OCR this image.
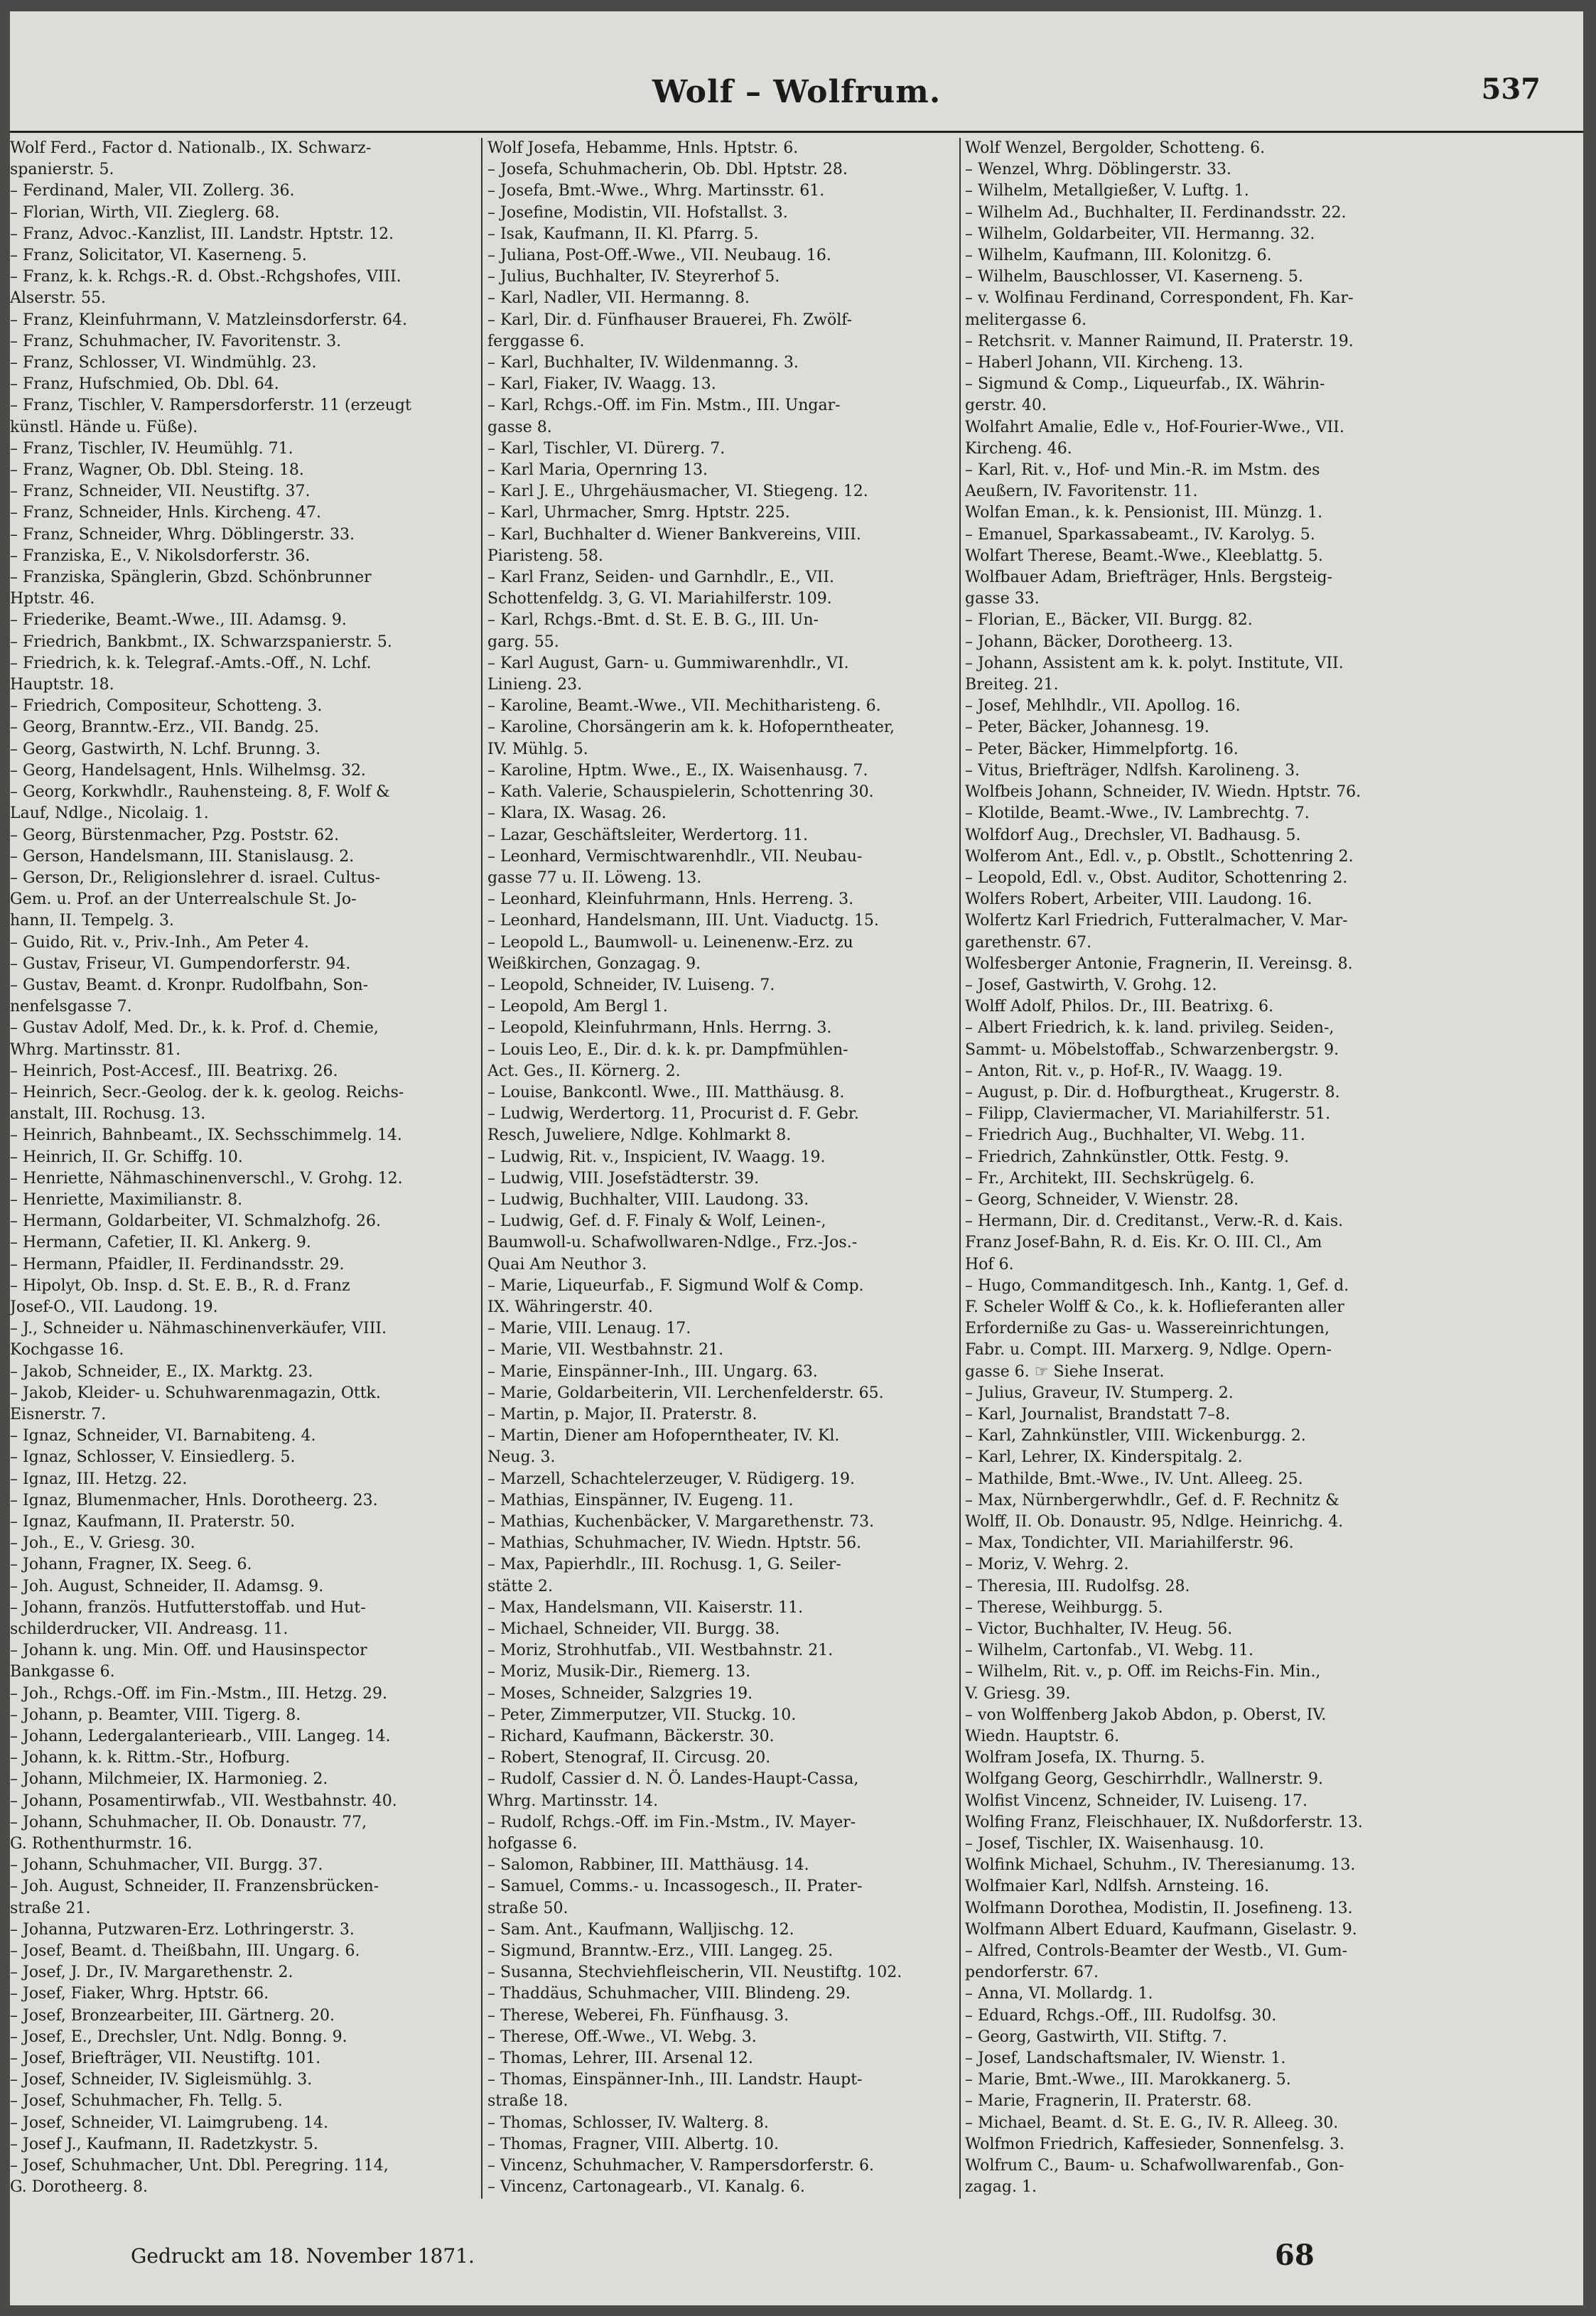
Wolf – Wolfrum.	537
Wolf Ferd., Factor d. Nationalb., IX. Schwarz-
spanierstr. 5.
– Ferdinand, Maler, VII. Zollerg. 36.
– Florian, Wirth, VII. Zieglerg. 68.
– Franz, Advoc.-Kanzlist, III. Landstr. Hptstr. 12.
– Franz, Solicitator, VI. Kaserneng. 5.
– Franz, k. k. Rchgs.-R. d. Obst.-Rchgshofes, VIII.
Alserstr. 55.
– Franz, Kleinfuhrmann, V. Matzleinsdorferstr. 64.
– Franz, Schuhmacher, IV. Favoritenstr. 3.
– Franz, Schlosser, VI. Windmühlg. 23.
– Franz, Hufschmied, Ob. Dbl. 64.
– Franz, Tischler, V. Rampersdorferstr. 11 (erzeugt
künstl. Hände u. Füße).
– Franz, Tischler, IV. Heumühlg. 71.
– Franz, Wagner, Ob. Dbl. Steing. 18.
– Franz, Schneider, VII. Neustiftg. 37.
– Franz, Schneider, Hnls. Kircheng. 47.
– Franz, Schneider, Whrg. Döblingerstr. 33.
– Franziska, E., V. Nikolsdorferstr. 36.
– Franziska, Spänglerin, Gbzd. Schönbrunner
Hptstr. 46.
– Friederike, Beamt.-Wwe., III. Adamsg. 9.
– Friedrich, Bankbmt., IX. Schwarzspanierstr. 5.
– Friedrich, k. k. Telegraf.-Amts.-Off., N. Lchf.
Hauptstr. 18.
– Friedrich, Compositeur, Schotteng. 3.
– Georg, Branntw.-Erz., VII. Bandg. 25.
– Georg, Gastwirth, N. Lchf. Brunng. 3.
– Georg, Handelsagent, Hnls. Wilhelmsg. 32.
– Georg, Korkwhdlr., Rauhensteing. 8, F. Wolf &
Lauf, Ndlge., Nicolaig. 1.
– Georg, Bürstenmacher, Pzg. Poststr. 62.
– Gerson, Handelsmann, III. Stanislausg. 2.
– Gerson, Dr., Religionslehrer d. israel. Cultus-
Gem. u. Prof. an der Unterrealschule St. Jo-
hann, II. Tempelg. 3.
– Guido, Rit. v., Priv.-Inh., Am Peter 4.
– Gustav, Friseur, VI. Gumpendorferstr. 94.
– Gustav, Beamt. d. Kronpr. Rudolfbahn, Son-
nenfelsgasse 7.
– Gustav Adolf, Med. Dr., k. k. Prof. d. Chemie,
Whrg. Martinsstr. 81.
– Heinrich, Post-Accesf., III. Beatrixg. 26.
– Heinrich, Secr.-Geolog. der k. k. geolog. Reichs-
anstalt, III. Rochusg. 13.
– Heinrich, Bahnbeamt., IX. Sechsschimmelg. 14.
– Heinrich, II. Gr. Schiffg. 10.
– Henriette, Nähmaschinenverschl., V. Grohg. 12.
– Henriette, Maximilianstr. 8.
– Hermann, Goldarbeiter, VI. Schmalzhofg. 26.
– Hermann, Cafetier, II. Kl. Ankerg. 9.
– Hermann, Pfaidler, II. Ferdinandsstr. 29.
– Hipolyt, Ob. Insp. d. St. E. B., R. d. Franz
Josef-O., VII. Laudong. 19.
– J., Schneider u. Nähmaschinenverkäufer, VIII.
Kochgasse 16.
– Jakob, Schneider, E., IX. Marktg. 23.
– Jakob, Kleider- u. Schuhwarenmagazin, Ottk.
Eisnerstr. 7.
– Ignaz, Schneider, VI. Barnabiteng. 4.
– Ignaz, Schlosser, V. Einsiedlerg. 5.
– Ignaz, III. Hetzg. 22.
– Ignaz, Blumenmacher, Hnls. Dorotheerg. 23.
– Ignaz, Kaufmann, II. Praterstr. 50.
– Joh., E., V. Griesg. 30.
– Johann, Fragner, IX. Seeg. 6.
– Joh. August, Schneider, II. Adamsg. 9.
– Johann, französ. Hutfutterstoffab. und Hut-
schilderdrucker, VII. Andreasg. 11.
– Johann k. ung. Min. Off. und Hausinspector
Bankgasse 6.
– Joh., Rchgs.-Off. im Fin.-Mstm., III. Hetzg. 29.
– Johann, p. Beamter, VIII. Tigerg. 8.
– Johann, Ledergalanteriearb., VIII. Langeg. 14.
– Johann, k. k. Rittm.-Str., Hofburg.
– Johann, Milchmeier, IX. Harmonieg. 2.
– Johann, Posamentirwfab., VII. Westbahnstr. 40.
– Johann, Schuhmacher, II. Ob. Donaustr. 77,
G. Rothenthurmstr. 16.
– Johann, Schuhmacher, VII. Burgg. 37.
– Joh. August, Schneider, II. Franzensbrücken-
straße 21.
– Johanna, Putzwaren-Erz. Lothringerstr. 3.
– Josef, Beamt. d. Theißbahn, III. Ungarg. 6.
– Josef, J. Dr., IV. Margarethenstr. 2.
– Josef, Fiaker, Whrg. Hptstr. 66.
– Josef, Bronzearbeiter, III. Gärtnerg. 20.
– Josef, E., Drechsler, Unt. Ndlg. Bonng. 9.
– Josef, Briefträger, VII. Neustiftg. 101.
– Josef, Schneider, IV. Sigleismühlg. 3.
– Josef, Schuhmacher, Fh. Tellg. 5.
– Josef, Schneider, VI. Laimgrubeng. 14.
– Josef J., Kaufmann, II. Radetzkystr. 5.
– Josef, Schuhmacher, Unt. Dbl. Peregring. 114,
G. Dorotheerg. 8.
Wolf Josefa, Hebamme, Hnls. Hptstr. 6.
– Josefa, Schuhmacherin, Ob. Dbl. Hptstr. 28.
– Josefa, Bmt.-Wwe., Whrg. Martinsstr. 61.
– Josefine, Modistin, VII. Hofstallst. 3.
– Isak, Kaufmann, II. Kl. Pfarrg. 5.
– Juliana, Post-Off.-Wwe., VII. Neubaug. 16.
– Julius, Buchhalter, IV. Steyrerhof 5.
– Karl, Nadler, VII. Hermanng. 8.
– Karl, Dir. d. Fünfhauser Brauerei, Fh. Zwölf-
ferggasse 6.
– Karl, Buchhalter, IV. Wildenmanng. 3.
– Karl, Fiaker, IV. Waagg. 13.
– Karl, Rchgs.-Off. im Fin. Mstm., III. Ungar-
gasse 8.
– Karl, Tischler, VI. Dürerg. 7.
– Karl Maria, Opernring 13.
– Karl J. E., Uhrgehäusmacher, VI. Stiegeng. 12.
– Karl, Uhrmacher, Smrg. Hptstr. 225.
– Karl, Buchhalter d. Wiener Bankvereins, VIII.
Piaristeng. 58.
– Karl Franz, Seiden- und Garnhdlr., E., VII.
Schottenfeldg. 3, G. VI. Mariahilferstr. 109.
– Karl, Rchgs.-Bmt. d. St. E. B. G., III. Un-
garg. 55.
– Karl August, Garn- u. Gummiwarenhdlr., VI.
Linieng. 23.
– Karoline, Beamt.-Wwe., VII. Mechitharisteng. 6.
– Karoline, Chorsängerin am k. k. Hofoperntheater,
IV. Mühlg. 5.
– Karoline, Hptm. Wwe., E., IX. Waisenhausg. 7.
– Kath. Valerie, Schauspielerin, Schottenring 30.
– Klara, IX. Wasag. 26.
– Lazar, Geschäftsleiter, Werdertorg. 11.
– Leonhard, Vermischtwarenhdlr., VII. Neubau-
gasse 77 u. II. Löweng. 13.
– Leonhard, Kleinfuhrmann, Hnls. Herreng. 3.
– Leonhard, Handelsmann, III. Unt. Viaductg. 15.
– Leopold L., Baumwoll- u. Leinenenw.-Erz. zu
Weißkirchen, Gonzagag. 9.
– Leopold, Schneider, IV. Luiseng. 7.
– Leopold, Am Bergl 1.
– Leopold, Kleinfuhrmann, Hnls. Herrng. 3.
– Louis Leo, E., Dir. d. k. k. pr. Dampfmühlen-
Act. Ges., II. Körnerg. 2.
– Louise, Bankcontl. Wwe., III. Matthäusg. 8.
– Ludwig, Werdertorg. 11, Procurist d. F. Gebr.
Resch, Juweliere, Ndlge. Kohlmarkt 8.
– Ludwig, Rit. v., Inspicient, IV. Waagg. 19.
– Ludwig, VIII. Josefstädterstr. 39.
– Ludwig, Buchhalter, VIII. Laudong. 33.
– Ludwig, Gef. d. F. Finaly & Wolf, Leinen-,
Baumwoll-u. Schafwollwaren-Ndlge., Frz.-Jos.-
Quai Am Neuthor 3.
– Marie, Liqueurfab., F. Sigmund Wolf & Comp.
IX. Währingerstr. 40.
– Marie, VIII. Lenaug. 17.
– Marie, VII. Westbahnstr. 21.
– Marie, Einspänner-Inh., III. Ungarg. 63.
– Marie, Goldarbeiterin, VII. Lerchenfelderstr. 65.
– Martin, p. Major, II. Praterstr. 8.
– Martin, Diener am Hofoperntheater, IV. Kl.
Neug. 3.
– Marzell, Schachtelerzeuger, V. Rüdigerg. 19.
– Mathias, Einspänner, IV. Eugeng. 11.
– Mathias, Kuchenbäcker, V. Margarethenstr. 73.
– Mathias, Schuhmacher, IV. Wiedn. Hptstr. 56.
– Max, Papierhdlr., III. Rochusg. 1, G. Seiler-
stätte 2.
– Max, Handelsmann, VII. Kaiserstr. 11.
– Michael, Schneider, VII. Burgg. 38.
– Moriz, Strohhutfab., VII. Westbahnstr. 21.
– Moriz, Musik-Dir., Riemerg. 13.
– Moses, Schneider, Salzgries 19.
– Peter, Zimmerputzer, VII. Stuckg. 10.
– Richard, Kaufmann, Bäckerstr. 30.
– Robert, Stenograf, II. Circusg. 20.
– Rudolf, Cassier d. N. Ö. Landes-Haupt-Cassa,
Whrg. Martinsstr. 14.
– Rudolf, Rchgs.-Off. im Fin.-Mstm., IV. Mayer-
hofgasse 6.
– Salomon, Rabbiner, III. Matthäusg. 14.
– Samuel, Comms.- u. Incassogesch., II. Prater-
straße 50.
– Sam. Ant., Kaufmann, Walljischg. 12.
– Sigmund, Branntw.-Erz., VIII. Langeg. 25.
– Susanna, Stechviehfleischerin, VII. Neustiftg. 102.
– Thaddäus, Schuhmacher, VIII. Blindeng. 29.
– Therese, Weberei, Fh. Fünfhausg. 3.
– Therese, Off.-Wwe., VI. Webg. 3.
– Thomas, Lehrer, III. Arsenal 12.
– Thomas, Einspänner-Inh., III. Landstr. Haupt-
straße 18.
– Thomas, Schlosser, IV. Walterg. 8.
– Thomas, Fragner, VIII. Albertg. 10.
– Vincenz, Schuhmacher, V. Rampersdorferstr. 6.
– Vincenz, Cartonagearb., VI. Kanalg. 6.
Wolf Wenzel, Bergolder, Schotteng. 6.
– Wenzel, Whrg. Döblingerstr. 33.
– Wilhelm, Metallgießer, V. Luftg. 1.
– Wilhelm Ad., Buchhalter, II. Ferdinandsstr. 22.
– Wilhelm, Goldarbeiter, VII. Hermanng. 32.
– Wilhelm, Kaufmann, III. Kolonitzg. 6.
– Wilhelm, Bauschlosser, VI. Kaserneng. 5.
– v. Wolfinau Ferdinand, Correspondent, Fh. Kar-
melitergasse 6.
– Retchsrit. v. Manner Raimund, II. Praterstr. 19.
– Haberl Johann, VII. Kircheng. 13.
– Sigmund & Comp., Liqueurfab., IX. Währin-
gerstr. 40.
Wolfahrt Amalie, Edle v., Hof-Fourier-Wwe., VII.
Kircheng. 46.
– Karl, Rit. v., Hof- und Min.-R. im Mstm. des
Aeußern, IV. Favoritenstr. 11.
Wolfan Eman., k. k. Pensionist, III. Münzg. 1.
– Emanuel, Sparkassabeamt., IV. Karolyg. 5.
Wolfart Therese, Beamt.-Wwe., Kleeblattg. 5.
Wolfbauer Adam, Briefträger, Hnls. Bergsteig-
gasse 33.
– Florian, E., Bäcker, VII. Burgg. 82.
– Johann, Bäcker, Dorotheerg. 13.
– Johann, Assistent am k. k. polyt. Institute, VII.
Breiteg. 21.
– Josef, Mehlhdlr., VII. Apollog. 16.
– Peter, Bäcker, Johannesg. 19.
– Peter, Bäcker, Himmelpfortg. 16.
– Vitus, Briefträger, Ndlfsh. Karolineng. 3.
Wolfbeis Johann, Schneider, IV. Wiedn. Hptstr. 76.
– Klotilde, Beamt.-Wwe., IV. Lambrechtg. 7.
Wolfdorf Aug., Drechsler, VI. Badhausg. 5.
Wolferom Ant., Edl. v., p. Obstlt., Schottenring 2.
– Leopold, Edl. v., Obst. Auditor, Schottenring 2.
Wolfers Robert, Arbeiter, VIII. Laudong. 16.
Wolfertz Karl Friedrich, Futteralmacher, V. Mar-
garethenstr. 67.
Wolfesberger Antonie, Fragnerin, II. Vereinsg. 8.
– Josef, Gastwirth, V. Grohg. 12.
Wolff Adolf, Philos. Dr., III. Beatrixg. 6.
– Albert Friedrich, k. k. land. privileg. Seiden-,
Sammt- u. Möbelstoffab., Schwarzenbergstr. 9.
– Anton, Rit. v., p. Hof-R., IV. Waagg. 19.
– August, p. Dir. d. Hofburgtheat., Krugerstr. 8.
– Filipp, Claviermacher, VI. Mariahilferstr. 51.
– Friedrich Aug., Buchhalter, VI. Webg. 11.
– Friedrich, Zahnkünstler, Ottk. Festg. 9.
– Fr., Architekt, III. Sechskrügelg. 6.
– Georg, Schneider, V. Wienstr. 28.
– Hermann, Dir. d. Creditanst., Verw.-R. d. Kais.
Franz Josef-Bahn, R. d. Eis. Kr. O. III. Cl., Am
Hof 6.
– Hugo, Commanditgesch. Inh., Kantg. 1, Gef. d.
F. Scheler Wolff & Co., k. k. Hoflieferanten aller
Erforderniße zu Gas- u. Wassereinrichtungen,
Fabr. u. Compt. III. Marxerg. 9, Ndlge. Opern-
gasse 6. ☞ Siehe Inserat.
– Julius, Graveur, IV. Stumperg. 2.
– Karl, Journalist, Brandstatt 7–8.
– Karl, Zahnkünstler, VIII. Wickenburgg. 2.
– Karl, Lehrer, IX. Kinderspitalg. 2.
– Mathilde, Bmt.-Wwe., IV. Unt. Alleeg. 25.
– Max, Nürnbergerwhdlr., Gef. d. F. Rechnitz &
Wolff, II. Ob. Donaustr. 95, Ndlge. Heinrichg. 4.
– Max, Tondichter, VII. Mariahilferstr. 96.
– Moriz, V. Wehrg. 2.
– Theresia, III. Rudolfsg. 28.
– Therese, Weihburgg. 5.
– Victor, Buchhalter, IV. Heug. 56.
– Wilhelm, Cartonfab., VI. Webg. 11.
– Wilhelm, Rit. v., p. Off. im Reichs-Fin. Min.,
V. Griesg. 39.
– von Wolffenberg Jakob Abdon, p. Oberst, IV.
Wiedn. Hauptstr. 6.
Wolfram Josefa, IX. Thurng. 5.
Wolfgang Georg, Geschirrhdlr., Wallnerstr. 9.
Wolfist Vincenz, Schneider, IV. Luiseng. 17.
Wolfing Franz, Fleischhauer, IX. Nußdorferstr. 13.
– Josef, Tischler, IX. Waisenhausg. 10.
Wolfink Michael, Schuhm., IV. Theresianumg. 13.
Wolfmaier Karl, Ndlfsh. Arnsteing. 16.
Wolfmann Dorothea, Modistin, II. Josefineng. 13.
Wolfmann Albert Eduard, Kaufmann, Giselastr. 9.
– Alfred, Controls-Beamter der Westb., VI. Gum-
pendorferstr. 67.
– Anna, VI. Mollardg. 1.
– Eduard, Rchgs.-Off., III. Rudolfsg. 30.
– Georg, Gastwirth, VII. Stiftg. 7.
– Josef, Landschaftsmaler, IV. Wienstr. 1.
– Marie, Bmt.-Wwe., III. Marokkanerg. 5.
– Marie, Fragnerin, II. Praterstr. 68.
– Michael, Beamt. d. St. E. G., IV. R. Alleeg. 30.
Wolfmon Friedrich, Kaffesieder, Sonnenfelsg. 3.
Wolfrum C., Baum- u. Schafwollwarenfab., Gon-
zagag. 1.
Gedruckt am 18. November 1871.	68
